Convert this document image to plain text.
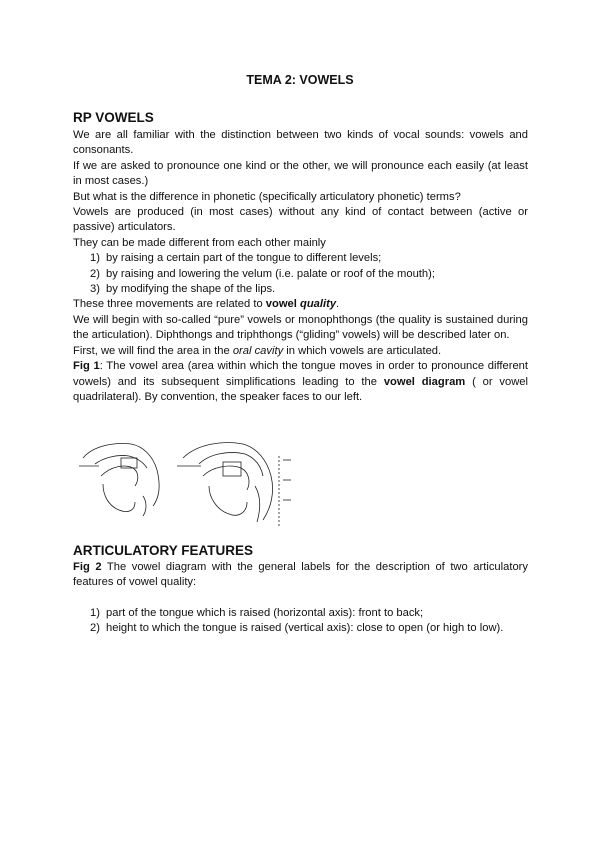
TEMA 2: VOWELS
RP VOWELS

We are all familiar with the distinction between two kinds of vocal sounds: vowels and consonants.

If we are asked to pronounce one kind or the other, we will pronounce each easily (at least in most cases.)

But what is the difference in phonetic (specifically articulatory phonetic) terms?

Vowels are produced (in most cases) without any kind of contact between (active or passive) articulators.

They can be made different from each other mainly

1) by raising a certain part of the tongue to different levels;
2) by raising and lowering the velum (i.e. palate or roof of the mouth);
3) by modifying the shape of the lips.

These three movements are related to vowel quality.

We will begin with so-called “pure” vowels or monophthongs (the quality is sustained during the articulation). Diphthongs and triphthongs (“gliding” vowels) will be described later on.

First, we will find the area in the oral cavity in which vowels are articulated.

Fig 1: The vowel area (area within which the tongue moves in order to pronounce different vowels) and its subsequent simplifications leading to the vowel diagram ( or vowel quadrilateral). By convention, the speaker faces to our left.

ARTICULATORY FEATURES

Fig 2 The vowel diagram with the general labels for the description of two articulatory features of vowel quality:

1) part of the tongue which is raised (horizontal axis): front to back;
2) height to which the tongue is raised (vertical axis): close to open (or high to low).
